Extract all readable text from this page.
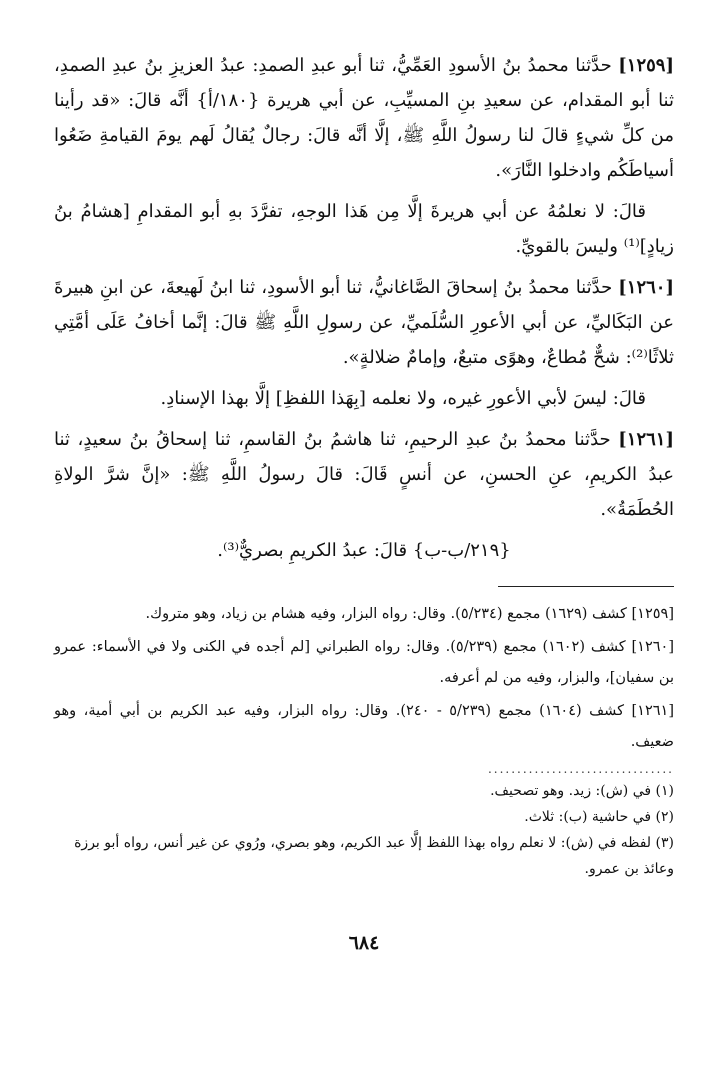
[١٢٥٩] حدَّثنا محمدُ بنُ الأسودِ العَمِّيُّ، ثنا أبو عبدِ الصمدِ: عبدُ العزيزِ بنُ عبدِ الصمدِ، ثنا أبو المقدام، عن سعيدِ بنِ المسيِّبِ، عن أبي هريرة {١٨٠/أ} أنَّه قالَ: «قد رأينا من كلِّ شيءٍ قالَ لنا رسولُ اللَّهِ ﷺ، إلَّا أنَّه قالَ: رجالٌ يُقالُ لَهم يومَ القيامةِ ضَعُوا أسياطَكُم وادخلوا النَّارَ».

قالَ: لا نعلمُهُ عن أبي هريرةَ إلَّا مِن هَذا الوجهِ، تفرَّدَ بهِ أبو المقدامِ [هشامُ بنُ زيادٍ]⁽¹⁾ وليسَ بالقويِّ.

[١٢٦٠] حدَّثنا محمدُ بنُ إسحاقَ الصَّاغانيُّ، ثنا أبو الأسودِ، ثنا ابنُ لَهيعةَ، عن ابنِ هبيرةَ عن البَكَاليِّ، عن أبي الأعورِ السُّلَميِّ، عن رسولِ اللَّهِ ﷺ قالَ: إنَّما أخافُ عَلَى أمَّتِي ثلاثًا⁽²⁾: شحٌّ مُطاعٌ، وهوًى متبعٌ، وإمامٌ ضلالةٍ».

قالَ: ليسَ لأبي الأعورِ غيره، ولا نعلمه [بِهَذا اللفظِ] إلَّا بهذا الإسنادِ.

[١٢٦١] حدَّثنا محمدُ بنُ عبدِ الرحيمِ، ثنا هاشمُ بنُ القاسمِ، ثنا إسحاقُ بنُ سعيدٍ، ثنا عبدُ الكريمِ، عنِ الحسنِ، عن أنسٍ قَالَ: قالَ رسولُ اللَّهِ ﷺ: «إنَّ شرَّ الولاةِ الحُطَمَةُ».

{٢١٩/ب-ب} قالَ: عبدُ الكريمِ بصريٌّ⁽³⁾.

[١٢٥٩] كشف (١٦٢٩) مجمع (٥/٢٣٤). وقال: رواه البزار، وفيه هشام بن زياد، وهو متروك.

[١٢٦٠] كشف (١٦٠٢) مجمع (٥/٢٣٩). وقال: رواه الطبراني [لم أجده في الكنى ولا في الأسماء: عمرو بن سفيان]، والبزار، وفيه من لم أعرفه.

[١٢٦١] كشف (١٦٠٤) مجمع (٥/٢٣٩ - ٢٤٠). وقال: رواه البزار، وفيه عبد الكريم بن أبي أمية، وهو ضعيف.

................................

(١) في (ش): زيد. وهو تصحيف.

(٢) في حاشية (ب): ثلاث.

(٣) لفظه في (ش): لا نعلم رواه بهذا اللفظ إلَّا عبد الكريم، وهو بصري، ورُوي عن غير أنس، رواه أبو برزة وعائذ بن عمرو.

٦٨٤
